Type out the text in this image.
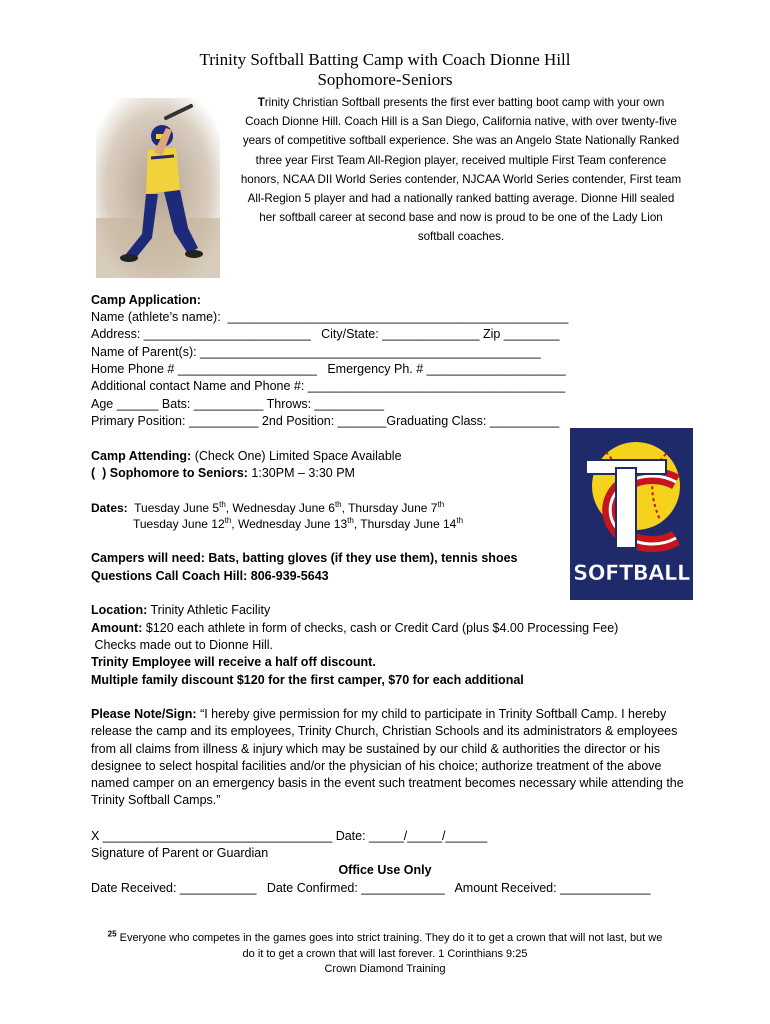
Trinity Softball Batting Camp with Coach Dionne Hill
Sophomore-Seniors
Trinity Christian Softball presents the first ever batting boot camp with your own Coach Dionne Hill. Coach Hill is a San Diego, California native, with over twenty-five years of competitive softball experience. She was an Angelo State Nationally Ranked three year First Team All-Region player, received multiple First Team conference honors, NCAA DII World Series contender, NJCAA World Series contender, First team All-Region 5 player and had a nationally ranked batting average. Dionne Hill sealed her softball career at second base and now is proud to be one of the Lady Lion softball coaches.
Camp Application:
Name (athlete’s name):  _________________________________________________
Address: ________________________   City/State: ______________ Zip ________
Name of Parent(s): _________________________________________________
Home Phone # ____________________   Emergency Ph. # ____________________
Additional contact Name and Phone #: _____________________________________
Age ______ Bats: __________ Throws: __________
Primary Position: __________ 2nd Position: _______Graduating Class: __________
Camp Attending: (Check One) Limited Space Available
(  ) Sophomore to Seniors: 1:30PM – 3:30 PM
Dates: Tuesday June 5th, Wednesday June 6th, Thursday June 7th
Tuesday June 12th, Wednesday June 13th, Thursday June 14th
Campers will need: Bats, batting gloves (if they use them), tennis shoes
Questions Call Coach Hill: 806-939-5643
Location: Trinity Athletic Facility
Amount: $120 each athlete in form of checks, cash or Credit Card (plus $4.00 Processing Fee)
Checks made out to Dionne Hill.
Trinity Employee will receive a half off discount.
Multiple family discount $120 for the first camper, $70 for each additional
Please Note/Sign: “I hereby give permission for my child to participate in Trinity Softball Camp. I hereby release the camp and its employees, Trinity Church, Christian Schools and its administrators & employees from all claims from illness & injury which may be sustained by our child & authorities the director or his designee to select hospital facilities and/or the physician of his choice; authorize treatment of the above named camper on an emergency basis in the event such treatment becomes necessary while attending the Trinity Softball Camps.”
X _________________________________ Date: _____/_____/______
Signature of Parent or Guardian
Office Use Only
Date Received: ___________   Date Confirmed: ____________   Amount Received: _____________
$^{25}$ Everyone who competes in the games goes into strict training. They do it to get a crown that will not last, but we
do it to get a crown that will last forever. 1 Corinthians 9:25
Crown Diamond Training
SOFTBALL
